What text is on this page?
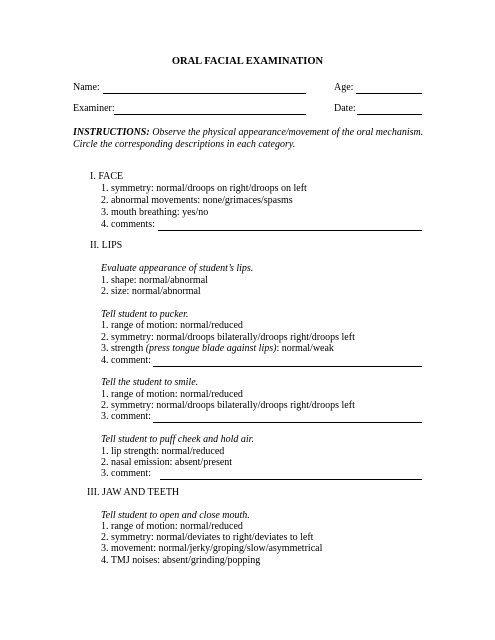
ORAL FACIAL EXAMINATION
Name:	Age:
Examiner:	Date:
INSTRUCTIONS: Observe the physical appearance/movement of the oral mechanism. Circle the corresponding descriptions in each category.
I. FACE
1. symmetry: normal/droops on right/droops on left
2. abnormal movements: none/grimaces/spasms
3. mouth breathing: yes/no
4. comments:
II. LIPS
Evaluate appearance of student’s lips.
1. shape: normal/abnormal
2. size: normal/abnormal
Tell student to pucker.
1. range of motion: normal/reduced
2. symmetry: normal/droops bilaterally/droops right/droops left
3. strength (press tongue blade against lips): normal/weak
4. comment:
Tell the student to smile.
1. range of motion: normal/reduced
2. symmetry: normal/droops bilaterally/droops right/droops left
3. comment:
Tell student to puff cheek and hold air.
1. lip strength: normal/reduced
2. nasal emission: absent/present
3. comment:
III. JAW AND TEETH
Tell student to open and close mouth.
1. range of motion: normal/reduced
2. symmetry: normal/deviates to right/deviates to left
3. movement: normal/jerky/groping/slow/asymmetrical
4. TMJ noises: absent/grinding/popping
